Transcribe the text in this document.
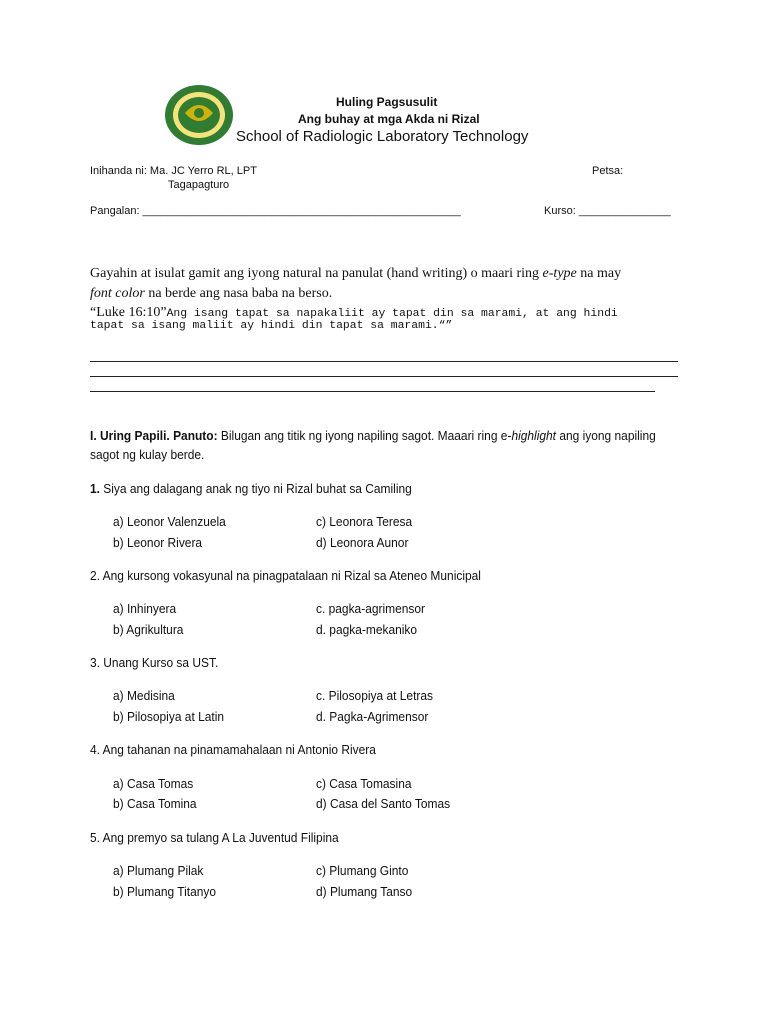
Huling Pagsusulit
Ang buhay at mga Akda ni Rizal
School of Radiologic Laboratory Technology
Inihanda ni: Ma. JC Yerro RL, LPT
Tagapagturo
Petsa:
Pangalan: ____________________________________________________	Kurso: _______________
Gayahin at isulat gamit ang iyong natural na panulat (hand writing) o maari ring e-type na may
font color na berde ang nasa baba na berso.
“Luke 16:10”Ang isang tapat sa napakaliit ay tapat din sa marami, at ang hindi
tapat sa isang maliit ay hindi din tapat sa marami.“”
I. Uring Papili. Panuto: Bilugan ang titik ng iyong napiling sagot. Maaari ring e-highlight ang iyong napiling
sagot ng kulay berde.
1. Siya ang dalagang anak ng tiyo ni Rizal buhat sa Camiling
a) Leonor Valenzuela
b) Leonor Rivera
c) Leonora Teresa
d) Leonora Aunor
2. Ang kursong vokasyunal na pinagpatalaan ni Rizal sa Ateneo Municipal
a) Inhinyera
b) Agrikultura
c. pagka-agrimensor
d. pagka-mekaniko
3. Unang Kurso sa UST.
a) Medisina
b) Pilosopiya at Latin
c. Pilosopiya at Letras
d. Pagka-Agrimensor
4. Ang tahanan na pinamamahalaan ni Antonio Rivera
a) Casa Tomas
b) Casa Tomina
c) Casa Tomasina
d) Casa del Santo Tomas
5. Ang premyo sa tulang A La Juventud Filipina
a) Plumang Pilak
b) Plumang Titanyo
c) Plumang Ginto
d) Plumang Tanso
